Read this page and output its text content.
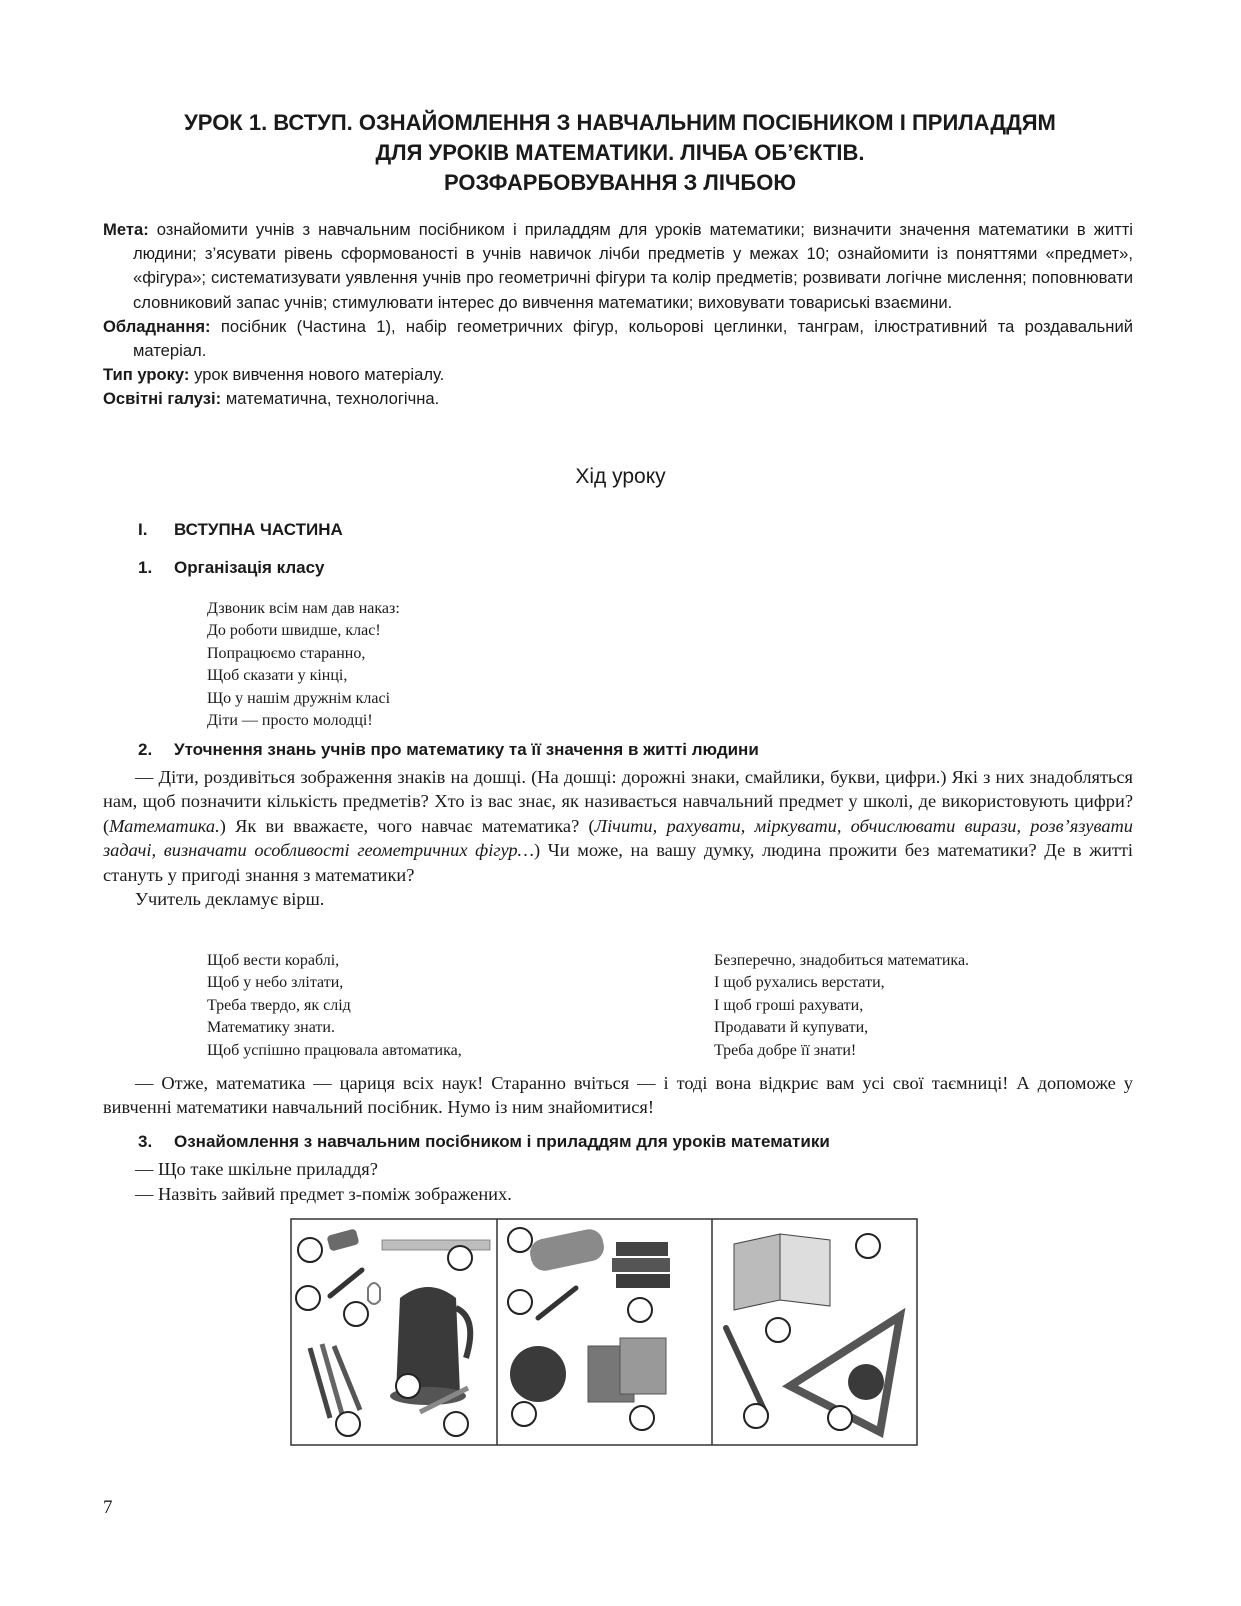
УРОК 1. ВСТУП. ОЗНАЙОМЛЕННЯ З НАВЧАЛЬНИМ ПОСІБНИКОМ І ПРИЛАДДЯМ
ДЛЯ УРОКІВ МАТЕМАТИКИ. ЛІЧБА ОБ’ЄКТІВ.
РОЗФАРБОВУВАННЯ З ЛІЧБОЮ

Мета: ознайомити учнів з навчальним посібником і приладдям для уроків математики; визначити значення математики в житті людини; з’ясувати рівень сформованості в учнів навичок лічби предметів у межах 10; ознайомити із поняттями «предмет», «фігура»; систематизувати уявлення учнів про геометричні фігури та колір предметів; розвивати логічне мислення; поповнювати словниковий запас учнів; стимулювати інтерес до вивчення математики; виховувати товариські взаємини.

Обладнання: посібник (Частина 1), набір геометричних фігур, кольорові цеглинки, танграм, ілюстративний та роздавальний матеріал.

Тип уроку: урок вивчення нового матеріалу.

Освітні галузі: математична, технологічна.

Хід уроку
I. ВСТУПНА ЧАСТИНА
1. Організація класу
Дзвоник всім нам дав наказ:
До роботи швидше, клас!
Попрацюємо старанно,
Щоб сказати у кінці,
Що у нашім дружнім класі
Діти — просто молодці!
2. Уточнення знань учнів про математику та її значення в житті людини

— Діти, роздивіться зображення знаків на дошці. (На дошці: дорожні знаки, смайлики, букви, цифри.) Які з них знадобляться нам, щоб позначити кількість предметів? Хто із вас знає, як називається навчальний предмет у школі, де використовують цифри? (Математика.) Як ви вважаєте, чого навчає математика? (Лічити, рахувати, міркувати, обчислювати вирази, розв’язувати задачі, визначати особливості геометричних фігур…) Чи може, на вашу думку, людина прожити без математики? Де в житті стануть у пригоді знання з математики?

Учитель декламує вірш.

Щоб вести кораблі,
Щоб у небо злітати,
Треба твердо, як слід
Математику знати.
Щоб успішно працювала автоматика,
Безперечно, знадобиться математика.
І щоб рухались верстати,
І щоб гроші рахувати,
Продавати й купувати,
Треба добре її знати!

— Отже, математика — цариця всіх наук! Старанно вчіться — і тоді вона відкриє вам усі свої таємниці! А допоможе у вивченні математики навчальний посібник. Нумо із ним знайомитися!

3. Ознайомлення з навчальним посібником і приладдям для уроків математики
— Що таке шкільне приладдя?
— Назвіть зайвий предмет з-поміж зображених.
7
